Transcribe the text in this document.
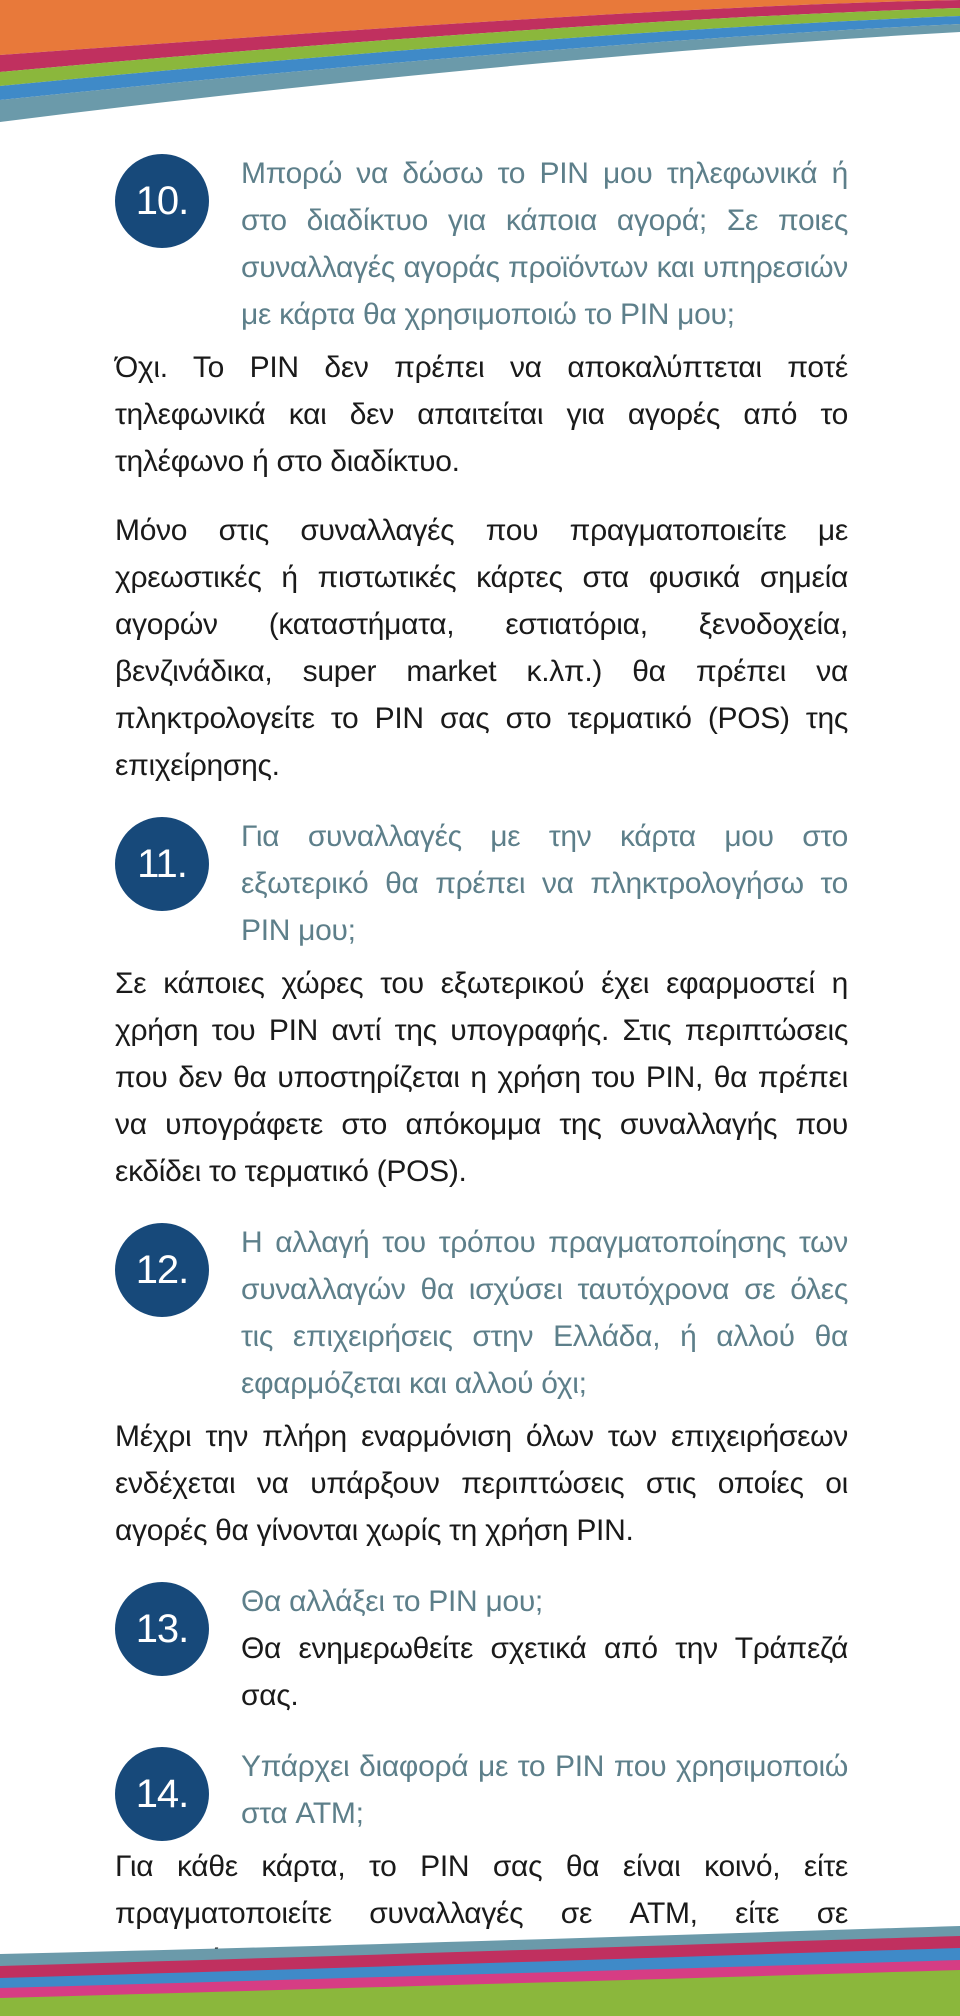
10.
Μπορώ να δώσω το PIN μου τηλεφωνικά ή στο διαδίκτυο για κάποια αγορά; Σε ποιες συναλλαγές αγοράς προϊόντων και υπηρεσιών με κάρτα θα χρησιμοποιώ το PIN μου;
Όχι. Το PIN δεν πρέπει να αποκαλύπτεται ποτέ τηλεφωνικά και δεν απαιτείται για αγορές από το τηλέφωνο ή στο διαδίκτυο.
Μόνο στις συναλλαγές που πραγματοποιείτε με χρεωστικές ή πιστωτικές κάρτες στα φυσικά σημεία αγορών (καταστήματα, εστιατόρια, ξενοδοχεία, βενζινάδικα, super market κ.λπ.) θα πρέπει να πληκτρολογείτε το PIN σας στο τερματικό (POS) της επιχείρησης.
11.
Για συναλλαγές με την κάρτα μου στο εξωτερικό θα πρέπει να πληκτρολογήσω το PIN μου;
Σε κάποιες χώρες του εξωτερικού έχει εφαρμοστεί η χρήση του PIN αντί της υπογραφής. Στις περιπτώσεις που δεν θα υποστηρίζεται η χρήση του PIN, θα πρέπει να υπογράφετε στο απόκομμα της συναλλαγής που εκδίδει το τερματικό (POS).
12.
Η αλλαγή του τρόπου πραγματοποίησης των συναλλαγών θα ισχύσει ταυτόχρονα σε όλες τις επιχειρήσεις στην Ελλάδα, ή αλλού θα εφαρμόζεται και αλλού όχι;
Μέχρι την πλήρη εναρμόνιση όλων των επιχειρήσεων ενδέχεται να υπάρξουν περιπτώσεις στις οποίες οι αγορές θα γίνονται χωρίς τη χρήση PIN.
13.
Θα αλλάξει το PIN μου;
Θα ενημερωθείτε σχετικά από την Τράπεζά σας.
14.
Υπάρχει διαφορά με το PIN που χρησιμοποιώ στα ATM;
Για κάθε κάρτα, το PIN σας θα είναι κοινό, είτε πραγματοποιείτε συναλλαγές σε ATM, είτε σε
